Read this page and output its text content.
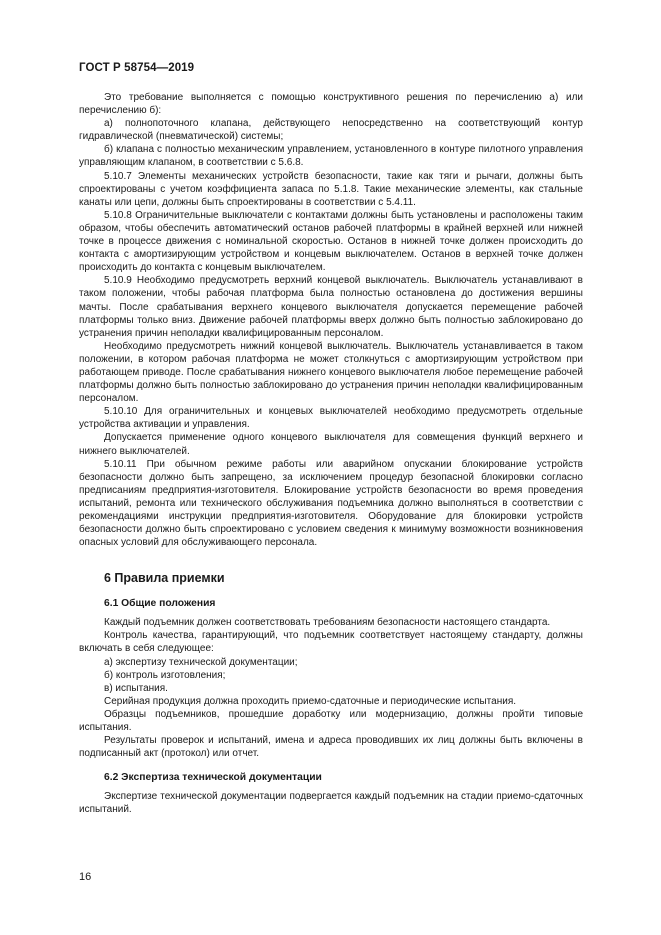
ГОСТ Р 58754—2019

Это требование выполняется с помощью конструктивного решения по перечислению а) или перечислению б):

а) полнопоточного клапана, действующего непосредственно на соответствующий контур гидравлической (пневматической) системы;

б) клапана с полностью механическим управлением, установленного в контуре пилотного управления управляющим клапаном, в соответствии с 5.6.8.

5.10.7 Элементы механических устройств безопасности, такие как тяги и рычаги, должны быть спроектированы с учетом коэффициента запаса по 5.1.8. Такие механические элементы, как стальные канаты или цепи, должны быть спроектированы в соответствии с 5.4.11.

5.10.8 Ограничительные выключатели с контактами должны быть установлены и расположены таким образом, чтобы обеспечить автоматический останов рабочей платформы в крайней верхней или нижней точке в процессе движения с номинальной скоростью. Останов в нижней точке должен происходить до контакта с амортизирующим устройством и концевым выключателем. Останов в верхней точке должен происходить до контакта с концевым выключателем.

5.10.9 Необходимо предусмотреть верхний концевой выключатель. Выключатель устанавливают в таком положении, чтобы рабочая платформа была полностью остановлена до достижения вершины мачты. После срабатывания верхнего концевого выключателя допускается перемещение рабочей платформы только вниз. Движение рабочей платформы вверх должно быть полностью заблокировано до устранения причин неполадки квалифицированным персоналом.

Необходимо предусмотреть нижний концевой выключатель. Выключатель устанавливается в таком положении, в котором рабочая платформа не может столкнуться с амортизирующим устройством при работающем приводе. После срабатывания нижнего концевого выключателя любое перемещение рабочей платформы должно быть полностью заблокировано до устранения причин неполадки квалифицированным персоналом.

5.10.10 Для ограничительных и концевых выключателей необходимо предусмотреть отдельные устройства активации и управления.

Допускается применение одного концевого выключателя для совмещения функций верхнего и нижнего выключателей.

5.10.11 При обычном режиме работы или аварийном опускании блокирование устройств безопасности должно быть запрещено, за исключением процедур безопасной блокировки согласно предписаниям предприятия-изготовителя. Блокирование устройств безопасности во время проведения испытаний, ремонта или технического обслуживания подъемника должно выполняться в соответствии с рекомендациями инструкции предприятия-изготовителя. Оборудование для блокировки устройств безопасности должно быть спроектировано с условием сведения к минимуму возможности возникновения опасных условий для обслуживающего персонала.

6 Правила приемки
6.1 Общие положения

Каждый подъемник должен соответствовать требованиям безопасности настоящего стандарта.

Контроль качества, гарантирующий, что подъемник соответствует настоящему стандарту, должны включать в себя следующее:

а) экспертизу технической документации;

б) контроль изготовления;

в) испытания.

Серийная продукция должна проходить приемо-сдаточные и периодические испытания.

Образцы подъемников, прошедшие доработку или модернизацию, должны пройти типовые испытания.

Результаты проверок и испытаний, имена и адреса проводивших их лиц должны быть включены в подписанный акт (протокол) или отчет.

6.2 Экспертиза технической документации

Экспертизе технической документации подвергается каждый подъемник на стадии приемо-сдаточных испытаний.

16
